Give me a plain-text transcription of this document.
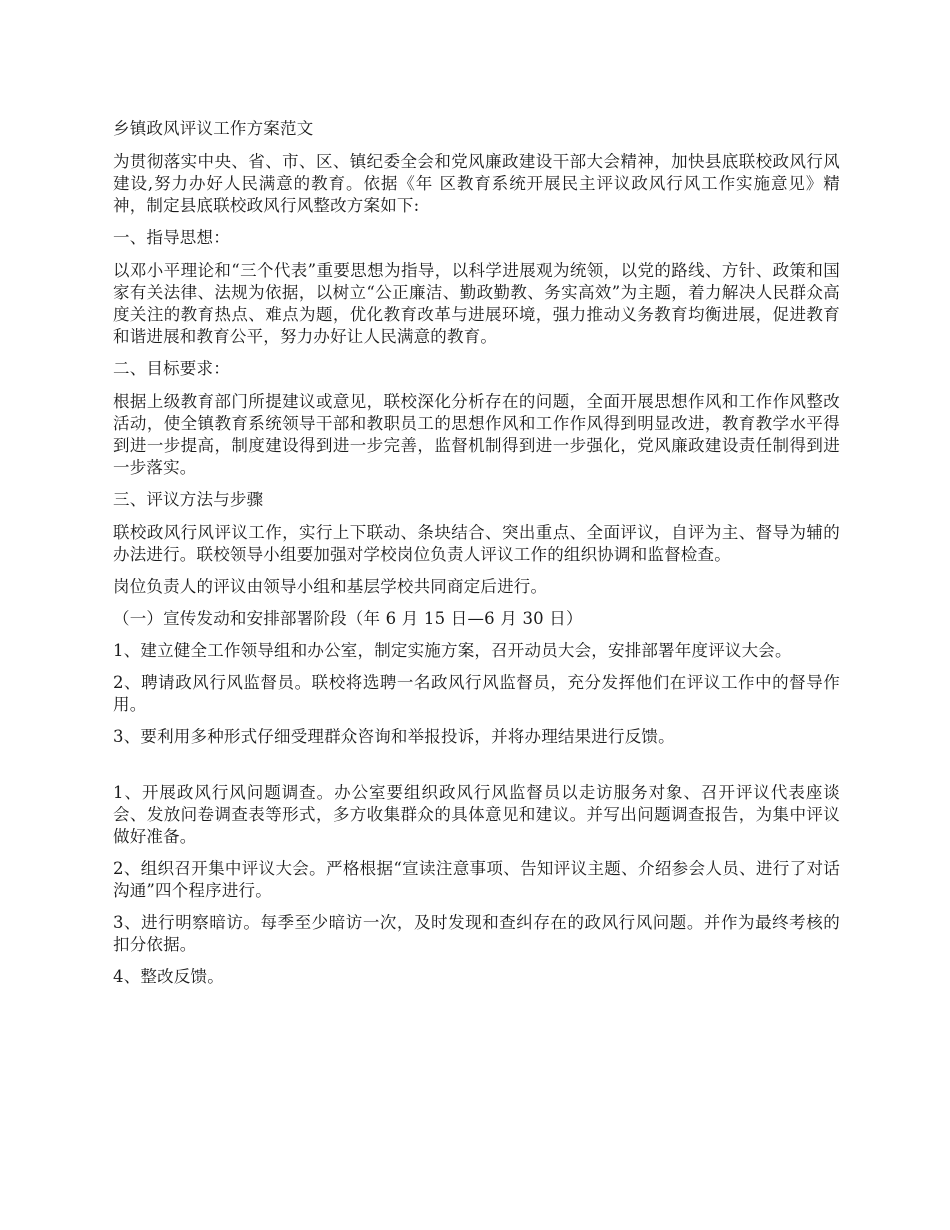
乡镇政风评议工作方案范文

为贯彻落实中央、省、市、区、镇纪委全会和党风廉政建设干部大会精神，加快县底联校政风行风建设,努力办好人民满意的教育。依据《年 区教育系统开展民主评议政风行风工作实施意见》精神，制定县底联校政风行风整改方案如下:

一、指导思想：

以邓小平理论和“三个代表”重要思想为指导，以科学进展观为统领，以党的路线、方针、政策和国家有关法律、法规为依据，以树立“公正廉洁、勤政勤教、务实高效”为主题，着力解决人民群众高度关注的教育热点、难点为题，优化教育改革与进展环境，强力推动义务教育均衡进展，促进教育和谐进展和教育公平，努力办好让人民满意的教育。

二、目标要求：

根据上级教育部门所提建议或意见，联校深化分析存在的问题，全面开展思想作风和工作作风整改活动，使全镇教育系统领导干部和教职员工的思想作风和工作作风得到明显改进，教育教学水平得到进一步提高，制度建设得到进一步完善，监督机制得到进一步强化，党风廉政建设责任制得到进一步落实。

三、评议方法与步骤

联校政风行风评议工作，实行上下联动、条块结合、突出重点、全面评议，自评为主、督导为辅的办法进行。联校领导小组要加强对学校岗位负责人评议工作的组织协调和监督检查。

岗位负责人的评议由领导小组和基层学校共同商定后进行。

（一）宣传发动和安排部署阶段（年 6 月 15 日—6 月 30 日）

1、建立健全工作领导组和办公室，制定实施方案，召开动员大会，安排部署年度评议大会。

2、聘请政风行风监督员。联校将选聘一名政风行风监督员，充分发挥他们在评议工作中的督导作用。

3、要利用多种形式仔细受理群众咨询和举报投诉，并将办理结果进行反馈。

1、开展政风行风问题调查。办公室要组织政风行风监督员以走访服务对象、召开评议代表座谈会、发放问卷调查表等形式，多方收集群众的具体意见和建议。并写出问题调查报告，为集中评议做好准备。

2、组织召开集中评议大会。严格根据“宣读注意事项、告知评议主题、介绍参会人员、进行了对话沟通”四个程序进行。

3、进行明察暗访。每季至少暗访一次，及时发现和查纠存在的政风行风问题。并作为最终考核的扣分依据。

4、整改反馈。
